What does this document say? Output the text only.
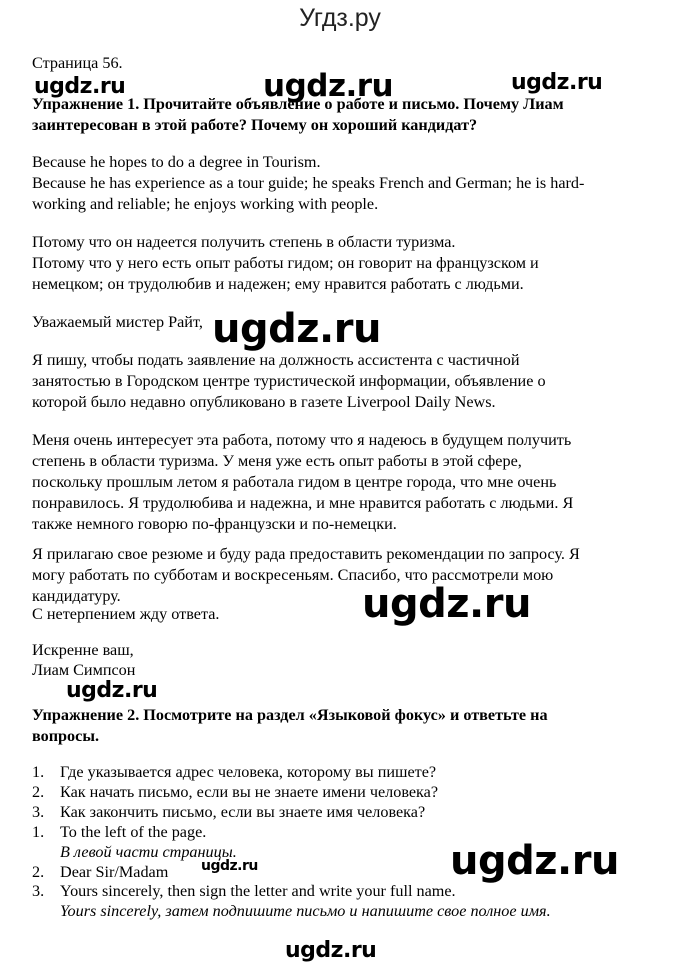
Угдз.ру
Страница 56.
ugdz.ru	ugdz.ru	ugdz.ru
ugdz.ru
ugdz.ru
ugdz.ru
ugdz.ru
ugdz.ru
ugdz.ru
Упражнение 1. Прочитайте объявление о работе и письмо. Почему Лиам
заинтересован в этой работе? Почему он хороший кандидат?
Because he hopes to do a degree in Tourism.
Because he has experience as a tour guide; he speaks French and German; he is hard-
working and reliable; he enjoys working with people.
Потому что он надеется получить степень в области туризма.
Потому что у него есть опыт работы гидом; он говорит на французском и
немецком; он трудолюбив и надежен; ему нравится работать с людьми.
Уважаемый мистер Райт,
Я пишу, чтобы подать заявление на должность ассистента с частичной
занятостью в Городском центре туристической информации, объявление о
которой было недавно опубликовано в газете Liverpool Daily News.
Меня очень интересует эта работа, потому что я надеюсь в будущем получить
степень в области туризма. У меня уже есть опыт работы в этой сфере,
поскольку прошлым летом я работала гидом в центре города, что мне очень
понравилось. Я трудолюбива и надежна, и мне нравится работать с людьми. Я
также немного говорю по-французски и по-немецки.
Я прилагаю свое резюме и буду рада предоставить рекомендации по запросу. Я
могу работать по субботам и воскресеньям. Спасибо, что рассмотрели мою
кандидатуру.
С нетерпением жду ответа.
Искренне ваш,
Лиам Симпсон
Упражнение 2. Посмотрите на раздел «Языковой фокус» и ответьте на
вопросы.
1. Где указывается адрес человека, которому вы пишете?
2. Как начать письмо, если вы не знаете имени человека?
3. Как закончить письмо, если вы знаете имя человека?
1. To the left of the page.
В левой части страницы.
2. Dear Sir/Madam
3. Yours sincerely, then sign the letter and write your full name.
Yours sincerely, затем подпишите письмо и напишите свое полное имя.
